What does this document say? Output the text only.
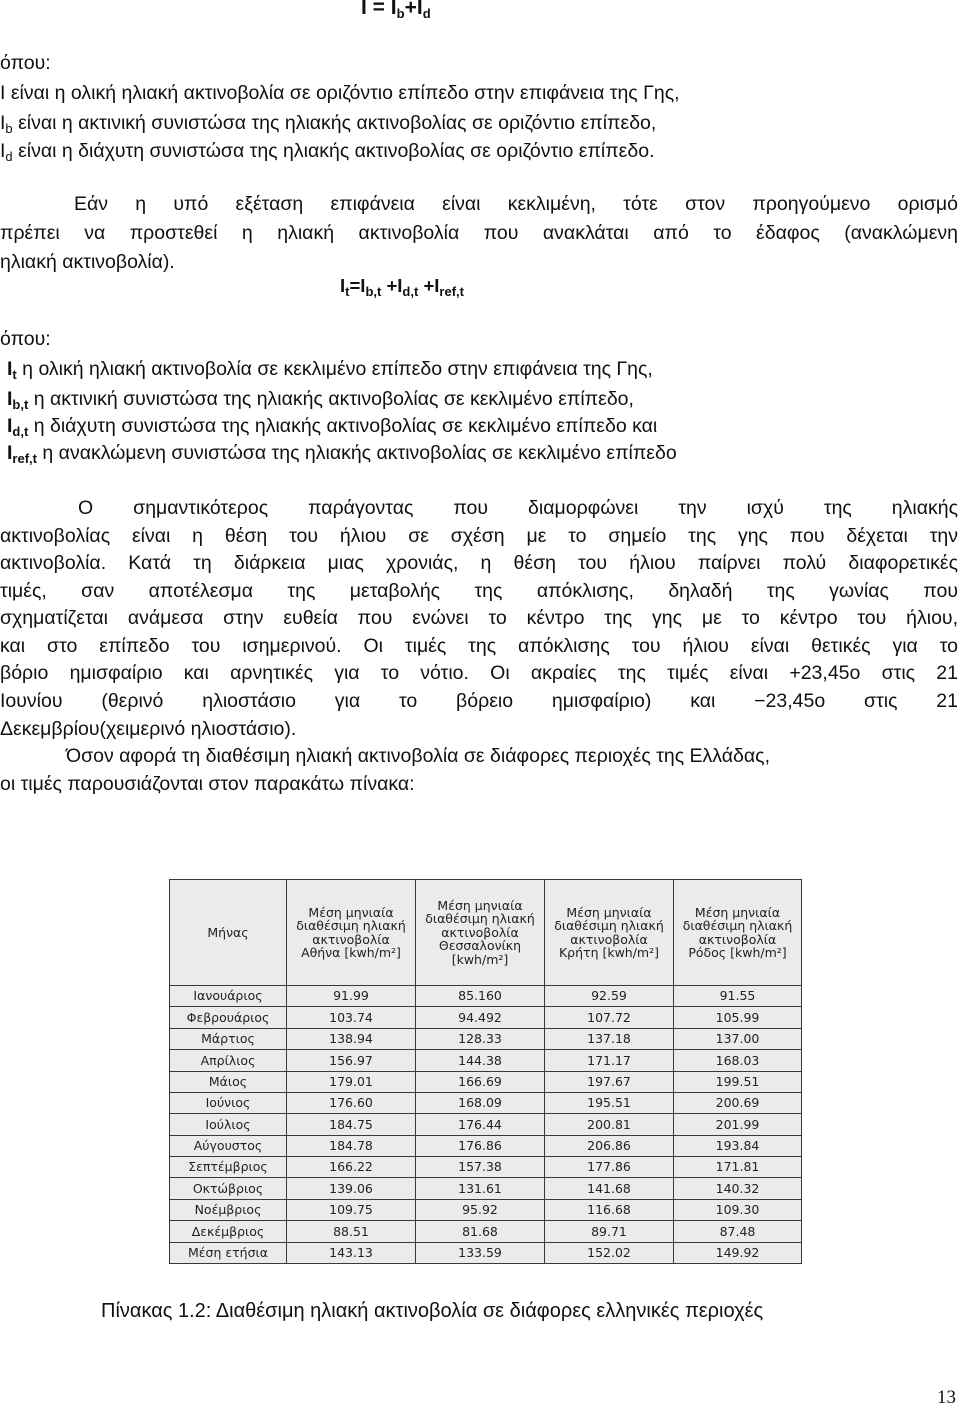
$I = I_b+I_d$
όπου:
I είναι η ολική ηλιακή ακτινοβολία σε οριζόντιο επίπεδο στην επιφάνεια της Γης,
$I_b$ είναι η ακτινική συνιστώσα της ηλιακής ακτινοβολίας σε οριζόντιο επίπεδο,
$I_d$ είναι η διάχυτη συνιστώσα της ηλιακής ακτινοβολίας σε οριζόντιο επίπεδο.
Εάν η υπό εξέταση επιφάνεια είναι κεκλιμένη, τότε στον προηγούμενο ορισμό
πρέπει να προστεθεί η ηλιακή ακτινοβολία που ανακλάται από το έδαφος (ανακλώμενη
ηλιακή ακτινοβολία).
$I_t=I_{b,t} +I_{d,t} +I_{ref,t}$
όπου:
$I_t$ η ολική ηλιακή ακτινοβολία σε κεκλιμένο επίπεδο στην επιφάνεια της Γης,
$I_{b,t}$ η ακτινική συνιστώσα της ηλιακής ακτινοβολίας σε κεκλιμένο επίπεδο,
$I_{d,t}$ η διάχυτη συνιστώσα της ηλιακής ακτινοβολίας σε κεκλιμένο επίπεδο και
$I_{ref,t}$ η ανακλώμενη συνιστώσα της ηλιακής ακτινοβολίας σε κεκλιμένο επίπεδο
Ο σημαντικότερος παράγοντας που διαμορφώνει την ισχύ της ηλιακής
ακτινοβολίας είναι η θέση του ήλιου σε σχέση με το σημείο της γης που δέχεται την
ακτινοβολία. Κατά τη διάρκεια μιας χρονιάς, η θέση του ήλιου παίρνει πολύ διαφορετικές
τιμές, σαν αποτέλεσμα της μεταβολής της απόκλισης, δηλαδή της γωνίας που
σχηματίζεται ανάμεσα στην ευθεία που ενώνει το κέντρο της γης με το κέντρο του ήλιου,
και στο επίπεδο του ισημερινού. Οι τιμές της απόκλισης του ήλιου είναι θετικές για το
βόριο ημισφαίριο και αρνητικές για το νότιο. Οι ακραίες της τιμές είναι +23,45ο στις 21
Ιουνίου (θερινό ηλιοστάσιο για το βόρειο ημισφαίριο) και −23,45ο στις 21
Δεκεμβρίου(χειμερινό ηλιοστάσιο).
Όσον αφορά τη διαθέσιμη ηλιακή ακτινοβολία σε διάφορες περιοχές της Ελλάδας,
οι τιμές παρουσιάζονται στον παρακάτω πίνακα:
Μήνας	Μέση μηνιαία διαθέσιμη ηλιακή ακτινοβολία Αθήνα [kwh/m²]	Μέση μηνιαία διαθέσιμη ηλιακή ακτινοβολία Θεσσαλονίκη [kwh/m²]	Μέση μηνιαία διαθέσιμη ηλιακή ακτινοβολία Κρήτη [kwh/m²]	Μέση μηνιαία διαθέσιμη ηλιακή ακτινοβολία Ρόδος [kwh/m²]
Ιανουάριος	91.99	85.160	92.59	91.55
Φεβρουάριος	103.74	94.492	107.72	105.99
Μάρτιος	138.94	128.33	137.18	137.00
Απρίλιος	156.97	144.38	171.17	168.03
Μάιος	179.01	166.69	197.67	199.51
Ιούνιος	176.60	168.09	195.51	200.69
Ιούλιος	184.75	176.44	200.81	201.99
Αύγουστος	184.78	176.86	206.86	193.84
Σεπτέμβριος	166.22	157.38	177.86	171.81
Οκτώβριος	139.06	131.61	141.68	140.32
Νοέμβριος	109.75	95.92	116.68	109.30
Δεκέμβριος	88.51	81.68	89.71	87.48
Μέση ετήσια	143.13	133.59	152.02	149.92
Πίνακας 1.2: Διαθέσιμη ηλιακή ακτινοβολία σε διάφορες ελληνικές περιοχές
13
